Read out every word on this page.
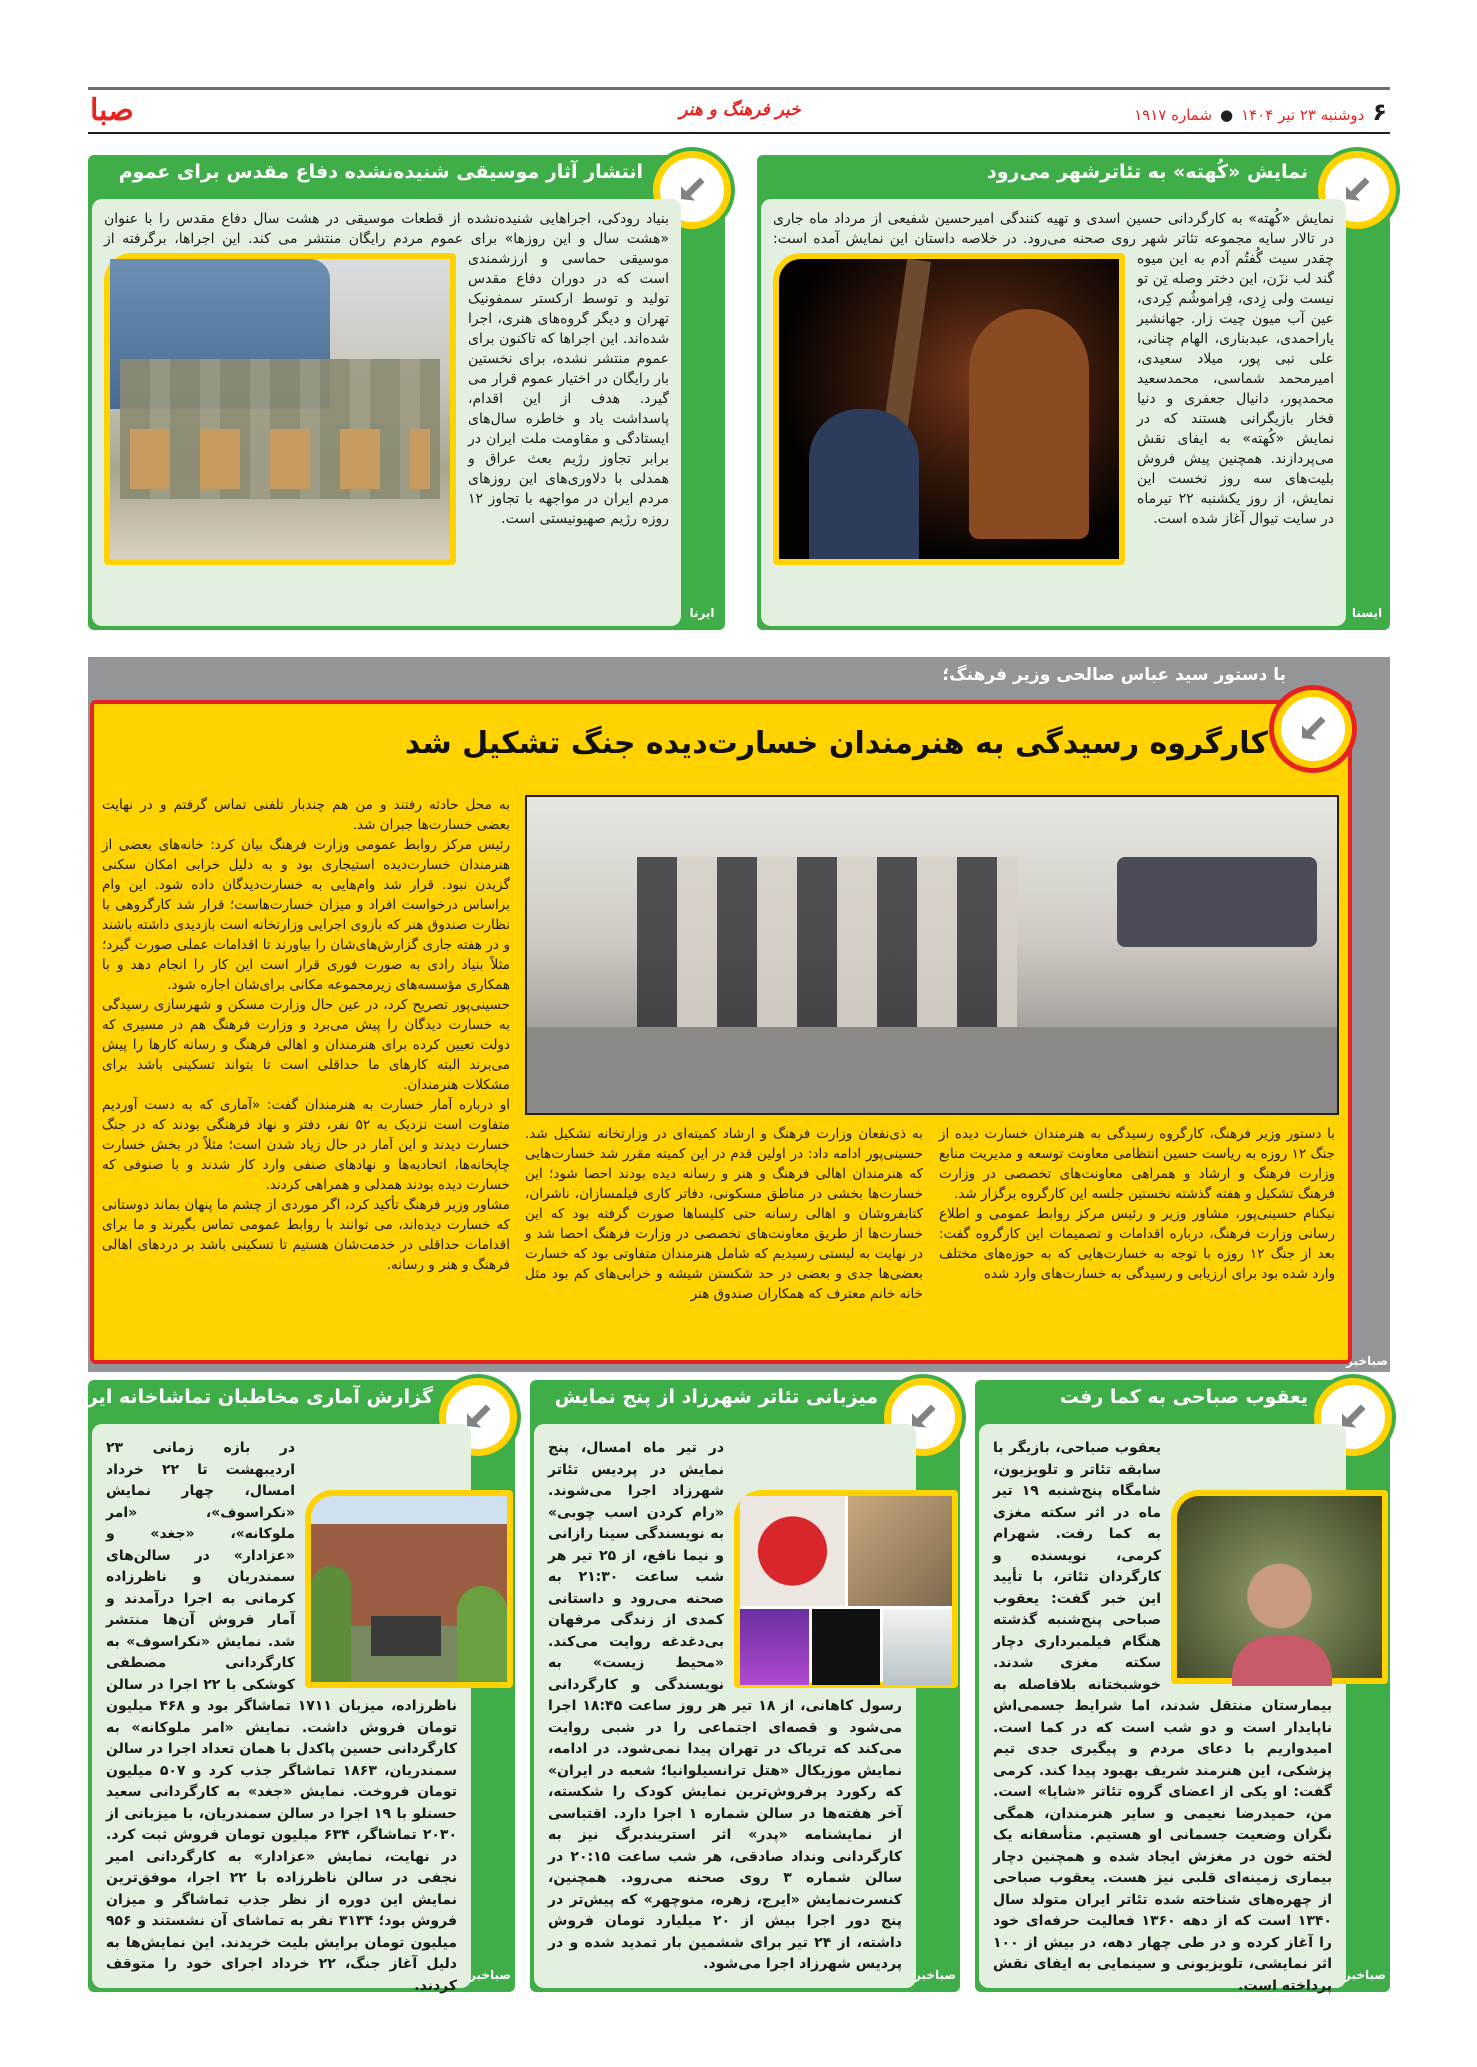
صبا	خبر فرهنگ و هنر	۶
دوشنبه ۲۳ تیر ۱۴۰۴
●
شماره ۱۹۱۷
نمایش «کُهته» به تئاترشهر می‌رود

نمایش «کُهته» به کارگردانی حسین اسدی و تهیه کنندگی امیرحسین شفیعی از مرداد ماه جاری در تالار سایه مجموعه تئاتر شهر روی صحنه می‌رود. در خلاصه داستان این نمایش آمده است: چقدر سیت گُفتُم آدم به این میوه گند لب نزَن، این دختر وصله تِن تو نیست ولی زِدی، فِراموشُم کِردی، عین آب میون چیت زار. جهانشیر یاراحمدی، عبدبناری، الهام چنانی، علی نبی پور، میلاد سعیدی، امیرمحمد شماسی، محمدسعید محمدپور، دانیال جعفری و دنیا فخار بازیگرانی هستند که در نمایش «کُهته» به ایفای نقش می‌پردازند. همچنین پیش فروش بلیت‌های سه روز نخست این نمایش، از روز یکشنبه ۲۲ تیرماه در سایت تیوال آغاز شده است.

ایسنا
انتشار آثار موسیقی شنیده‌نشده دفاع مقدس برای عموم

بنیاد رودکی، اجراهایی شنیده‌نشده از قطعات موسیقی در هشت سال دفاع مقدس را با عنوان «هشت سال و این روزها» برای عموم مردم رایگان منتشر می کند. این اجراها، برگرفته از موسیقی حماسی و ارزشمندی است که در دوران دفاع مقدس تولید و توسط ارکستر سمفونیک تهران و دیگر گروه‌های هنری، اجرا شده‌اند. این اجراها که تاکنون برای عموم منتشر نشده، برای نخستین بار رایگان در اختیار عموم قرار می گیرد. هدف از این اقدام، پاسداشت یاد و خاطره سال‌های ایستادگی و مقاومت ملت ایران در برابر تجاوز رژیم بعث عراق و همدلی با دلاوری‌های این روزهای مردم ایران در مواجهه با تجاوز ۱۲ روزه رژیم صهیونیستی است.

ایرنا
با دستور سید عباس صالحی وزیر فرهنگ؛
کارگروه رسیدگی به هنرمندان خسارت‌دیده جنگ تشکیل شد

به محل حادثه رفتند و من هم چندبار تلفنی تماس گرفتم و در نهایت بعضی خسارت‌ها جبران شد.

رئیس مرکز روابط عمومی وزارت فرهنگ بیان کرد: خانه‌های بعضی از هنرمندان خسارت‌دیده استیجاری بود و به دلیل خرابی امکان سکنی گزیدن نبود. قرار شد وام‌هایی به خسارت‌دیدگان داده شود. این وام براساس درخواست افراد و میزان خسارت‌هاست؛ قرار شد کارگروهی با نظارت صندوق هنر که بازوی اجرایی وزارتخانه است بازدیدی داشته باشند و در هفته جاری گزارش‌های‌شان را بیاورند تا اقدامات عملی صورت گیرد؛ مثلاً بنیاد رادی به صورت فوری قرار است این کار را انجام دهد و با همکاری مؤسسه‌های زیرمجموعه مکانی برای‌شان اجاره شود.

حسینی‌پور تصریح کرد، در عین حال وزارت مسکن و شهرسازی رسیدگی به خسارت دیدگان را پیش می‌برد و وزارت فرهنگ هم در مسیری که دولت تعیین کرده برای هنرمندان و اهالی فرهنگ و رسانه کارها را پیش می‌برند البته کارهای ما حداقلی است تا بتواند تسکینی باشد برای مشکلات هنرمندان.

او درباره آمار خسارت به هنرمندان گفت: «آماری که به دست آوردیم متفاوت است نزدیک به ۵۲ نفر، دفتر و نهاد فرهنگی بودند که در جنگ خسارت دیدند و این آمار در حال زیاد شدن است؛ مثلاً در بخش خسارت چاپخانه‌ها، اتحادیه‌ها و نهادهای صنفی وارد کار شدند و با صنوفی که خسارت دیده بودند همدلی و همراهی کردند.

مشاور وزیر فرهنگ تأکید کرد، اگر موردی از چشم ما پنهان بماند دوستانی که خسارت دیده‌اند، می توانند با روابط عمومی تماس بگیرند و ما برای اقدامات حداقلی در خدمت‌شان هستیم تا تسکینی باشد بر دردهای اهالی فرهنگ و هنر و رسانه.

به ذی‌نفعان وزارت فرهنگ و ارشاد کمیته‌ای در وزارتخانه تشکیل شد. حسینی‌پور ادامه داد: در اولین قدم در این کمیته مقرر شد خسارت‌هایی که هنرمندان اهالی فرهنگ و هنر و رسانه دیده بودند احصا شود؛ این خسارت‌ها بخشی در مناطق مسکونی، دفاتر کاری فیلمسازان، ناشران، کتابفروشان و اهالی رسانه حتی کلیساها صورت گرفته بود که این خسارت‌ها از طریق معاونت‌های تخصصی در وزارت فرهنگ احصا شد و در نهایت به لیستی رسیدیم که شامل هنرمندان متفاوتی بود که خسارت بعضی‌ها جدی و بعضی در حد شکستن شیشه و خرابی‌های کم بود مثل خانه خانم معترف که همکاران صندوق هنر

با دستور وزیر فرهنگ، کارگروه رسیدگی به هنرمندان خسارت دیده از جنگ ۱۲ روزه به ریاست حسین انتظامی معاونت توسعه و مدیریت منابع وزارت فرهنگ و ارشاد و همراهی معاونت‌های تخصصی در وزارت فرهنگ تشکیل و هفته گذشته نخستین جلسه این کارگروه برگزار شد.

نیکنام حسینی‌پور، مشاور وزیر و رئیس مرکز روابط عمومی و اطلاع رسانی وزارت فرهنگ، درباره اقدامات و تصمیمات این کارگروه گفت: بعد از جنگ ۱۲ روزه با توجه به خسارت‌هایی که به حوزه‌های مختلف وارد شده بود برای ارزیابی و رسیدگی به خسارت‌های وارد شده

صباخبر
یعقوب صباحی به کما رفت

یعقوب صباحی، بازیگر با سابقه تئاتر و تلویزیون، شامگاه پنج‌شنبه ۱۹ تیر ماه در اثر سکته مغزی به کما رفت. شهرام کرمی، نویسنده و کارگردان تئاتر، با تأیید این خبر گفت: یعقوب صباحی پنج‌شنبه گذشته هنگام فیلمبرداری دچار سکته مغزی شدند. خوشبختانه بلافاصله به بیمارستان منتقل شدند، اما شرایط جسمی‌اش ناپایدار است و دو شب است که در کما است. امیدواریم با دعای مردم و پیگیری جدی تیم پزشکی، این هنرمند شریف بهبود پیدا کند. کرمی گفت: او یکی از اعضای گروه تئاتر «شایا» است. من، حمیدرضا نعیمی و سایر هنرمندان، همگی نگران وضعیت جسمانی او هستیم. متأسفانه یک لخته خون در مغزش ایجاد شده و همچنین دچار بیماری زمینه‌ای قلبی نیز هست. یعقوب صباحی از چهره‌های شناخته شده تئاتر ایران متولد سال ۱۳۴۰ است که از دهه ۱۳۶۰ فعالیت حرفه‌ای خود را آغاز کرده و در طی چهار دهه، در بیش از ۱۰۰ اثر نمایشی، تلویزیونی و سینمایی به ایفای نقش پرداخته است.

صباخبر
میزبانی تئاتر شهرزاد از پنج نمایش

در تیر ماه امسال، پنج نمایش در پردیس تئاتر شهرزاد اجرا می‌شوند. «رام کردن اسب چوبی» به نویسندگی سینا رازانی و نیما نافع، از ۲۵ تیر هر شب ساعت ۲۱:۳۰ به صحنه می‌رود و داستانی کمدی از زندگی مرفهان بی‌دغدغه روایت می‌کند. «محیط زیست» به نویسندگی و کارگردانی رسول کاهانی، از ۱۸ تیر هر روز ساعت ۱۸:۴۵ اجرا می‌شود و قصه‌ای اجتماعی را در شبی روایت می‌کند که تریاک در تهران پیدا نمی‌شود. در ادامه، نمایش موزیکال «هتل ترانسیلوانیا؛ شعبه در ایران» که رکورد پرفروش‌ترین نمایش کودک را شکسته، آخر هفته‌ها در سالن شماره ۱ اجرا دارد. اقتباسی از نمایشنامه «پدر» اثر استریندبرگ نیز به کارگردانی ونداد صادقی، هر شب ساعت ۲۰:۱۵ در سالن شماره ۳ روی صحنه می‌رود. همچنین، کنسرت‌نمایش «ایرج، زهره، منوچهر» که پیش‌تر در پنج دور اجرا بیش از ۲۰ میلیارد تومان فروش داشته، از ۲۴ تیر برای ششمین بار تمدید شده و در پردیس شهرزاد اجرا می‌شود.

صباخبر
گزارش آماری مخاطبان تماشاخانه ایرانشهر

در بازه زمانی ۲۳ اردیبهشت تا ۲۲ خرداد امسال، چهار نمایش «نکراسوف»، «امر ملوکانه»، «جغد» و «عزادار» در سالن‌های سمندریان و ناظرزاده کرمانی به اجرا درآمدند و آمار فروش آن‌ها منتشر شد. نمایش «نکراسوف» به کارگردانی مصطفی کوشکی با ۲۲ اجرا در سالن ناظرزاده، میزبان ۱۷۱۱ تماشاگر بود و ۴۶۸ میلیون تومان فروش داشت. نمایش «امر ملوکانه» به کارگردانی حسین پاکدل با همان تعداد اجرا در سالن سمندریان، ۱۸۶۳ تماشاگر جذب کرد و ۵۰۷ میلیون تومان فروخت. نمایش «جغد» به کارگردانی سعید حسنلو با ۱۹ اجرا در سالن سمندریان، با میزبانی از ۲۰۳۰ تماشاگر، ۶۳۴ میلیون تومان فروش ثبت کرد. در نهایت، نمایش «عزادار» به کارگردانی امیر نجفی در سالن ناظرزاده با ۲۲ اجرا، موفق‌ترین نمایش این دوره از نظر جذب تماشاگر و میزان فروش بود؛ ۳۱۳۴ نفر به تماشای آن نشستند و ۹۵۶ میلیون تومان برایش بلیت خریدند. این نمایش‌ها به دلیل آغاز جنگ، ۲۲ خرداد اجرای خود را متوقف کردند.

صباخبر
